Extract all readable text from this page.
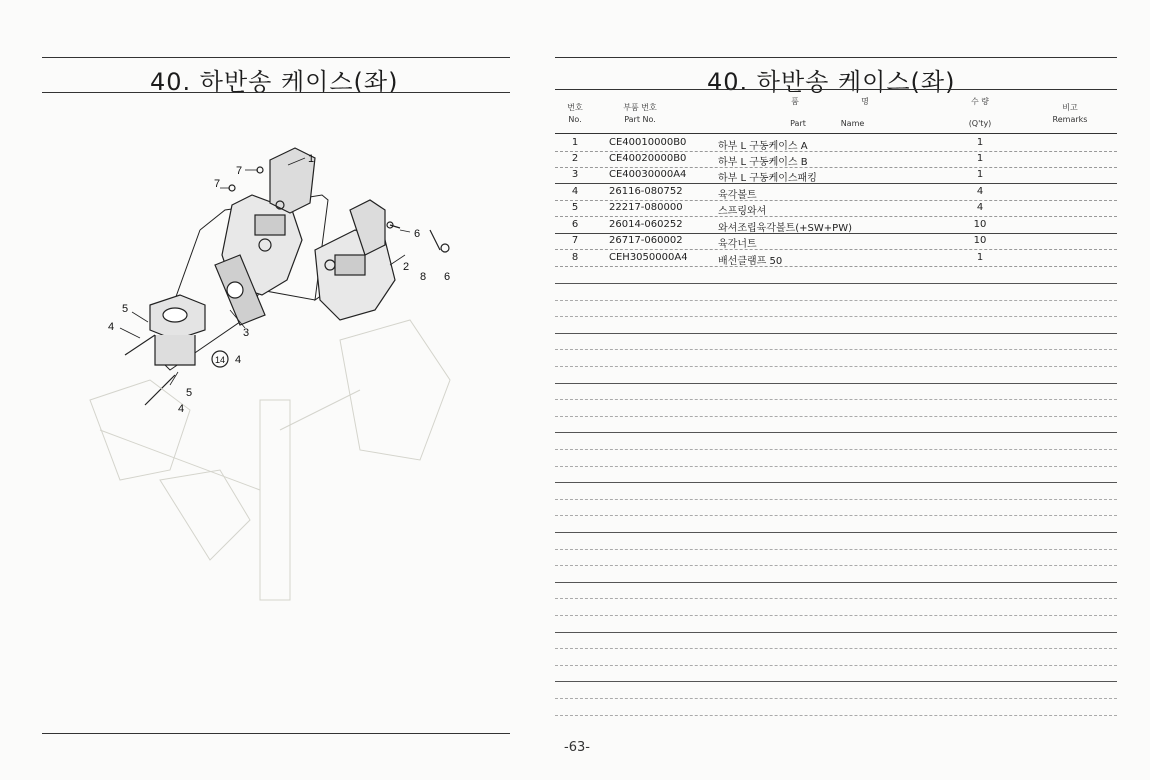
40. 하반송 케이스(좌)
1
7
7
6
2
8 6
5
4	3
14 4
5
4
40. 하반송 케이스(좌)
번호
No.
부품 번호
Part No.
품	명
Part	Name
수 량
(Q'ty)
비고
Remarks
1	CE40010000B0	하부 L 구동케이스 A	1
2	CE40020000B0	하부 L 구동케이스 B	1
3	CE40030000A4	하부 L 구동케이스패킹	1
4	26116-080752	육각볼트	4
5	22217-080000	스프링와셔	4
6	26014-060252	와셔조립육각볼트(+SW+PW)	10
7	26717-060002	육각너트	10
8	CEH3050000A4	배선클램프 50	1
-63-
